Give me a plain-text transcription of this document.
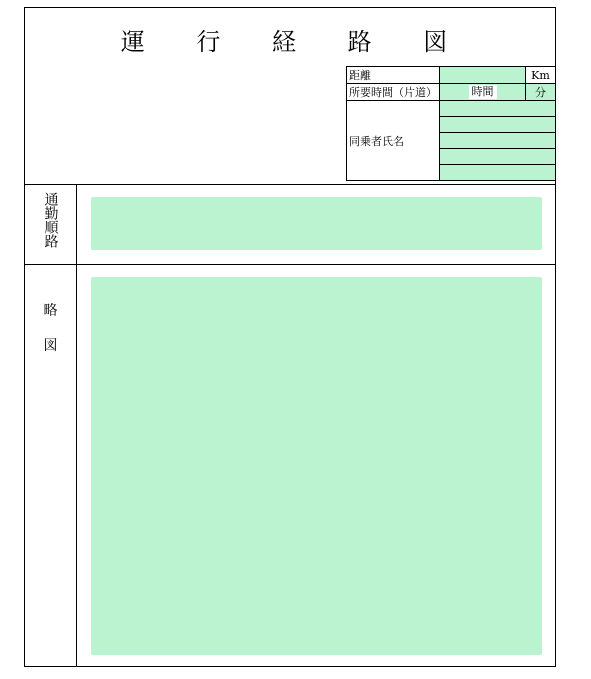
運 行 経 路 図
距離		Km
所要時間（片道）	時間	分
同乗者氏名		

通勤順路
略
図
